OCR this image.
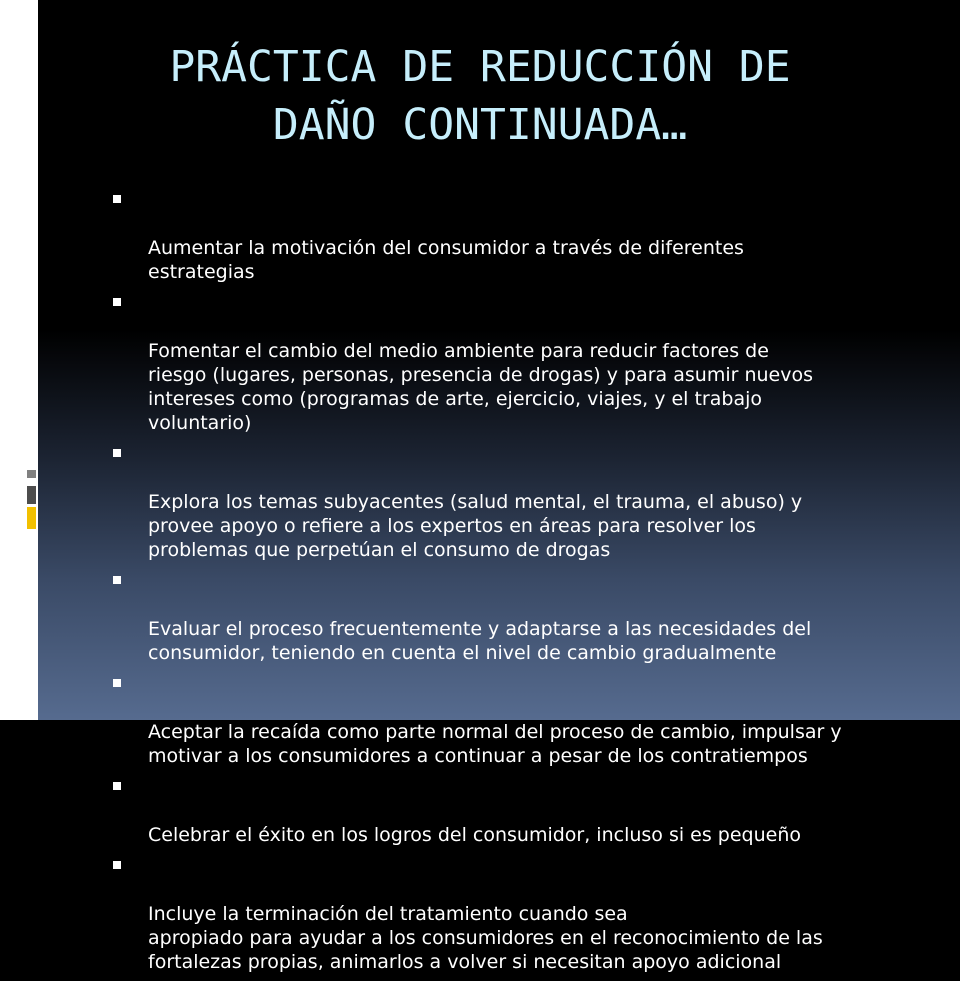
PRÁCTICA DE REDUCCIÓN DE
DAÑO CONTINUADA…

Aumentar la motivación del consumidor a través de diferentes
estrategias

Fomentar el cambio del medio ambiente para reducir factores de
riesgo (lugares, personas, presencia de drogas) y para asumir nuevos
intereses como (programas de arte, ejercicio, viajes, y el trabajo
voluntario)

Explora los temas subyacentes (salud mental, el trauma, el abuso) y
provee apoyo o refiere a los expertos en áreas para resolver los
problemas que perpetúan el consumo de drogas

Evaluar el proceso frecuentemente y adaptarse a las necesidades del
consumidor, teniendo en cuenta el nivel de cambio gradualmente

Aceptar la recaída como parte normal del proceso de cambio, impulsar y
motivar a los consumidores a continuar a pesar de los contratiempos

Celebrar el éxito en los logros del consumidor, incluso si es pequeño

Incluye la terminación del tratamiento cuando sea
apropiado para ayudar a los consumidores en el reconocimiento de las
fortalezas propias, animarlos a volver si necesitan apoyo adicional
